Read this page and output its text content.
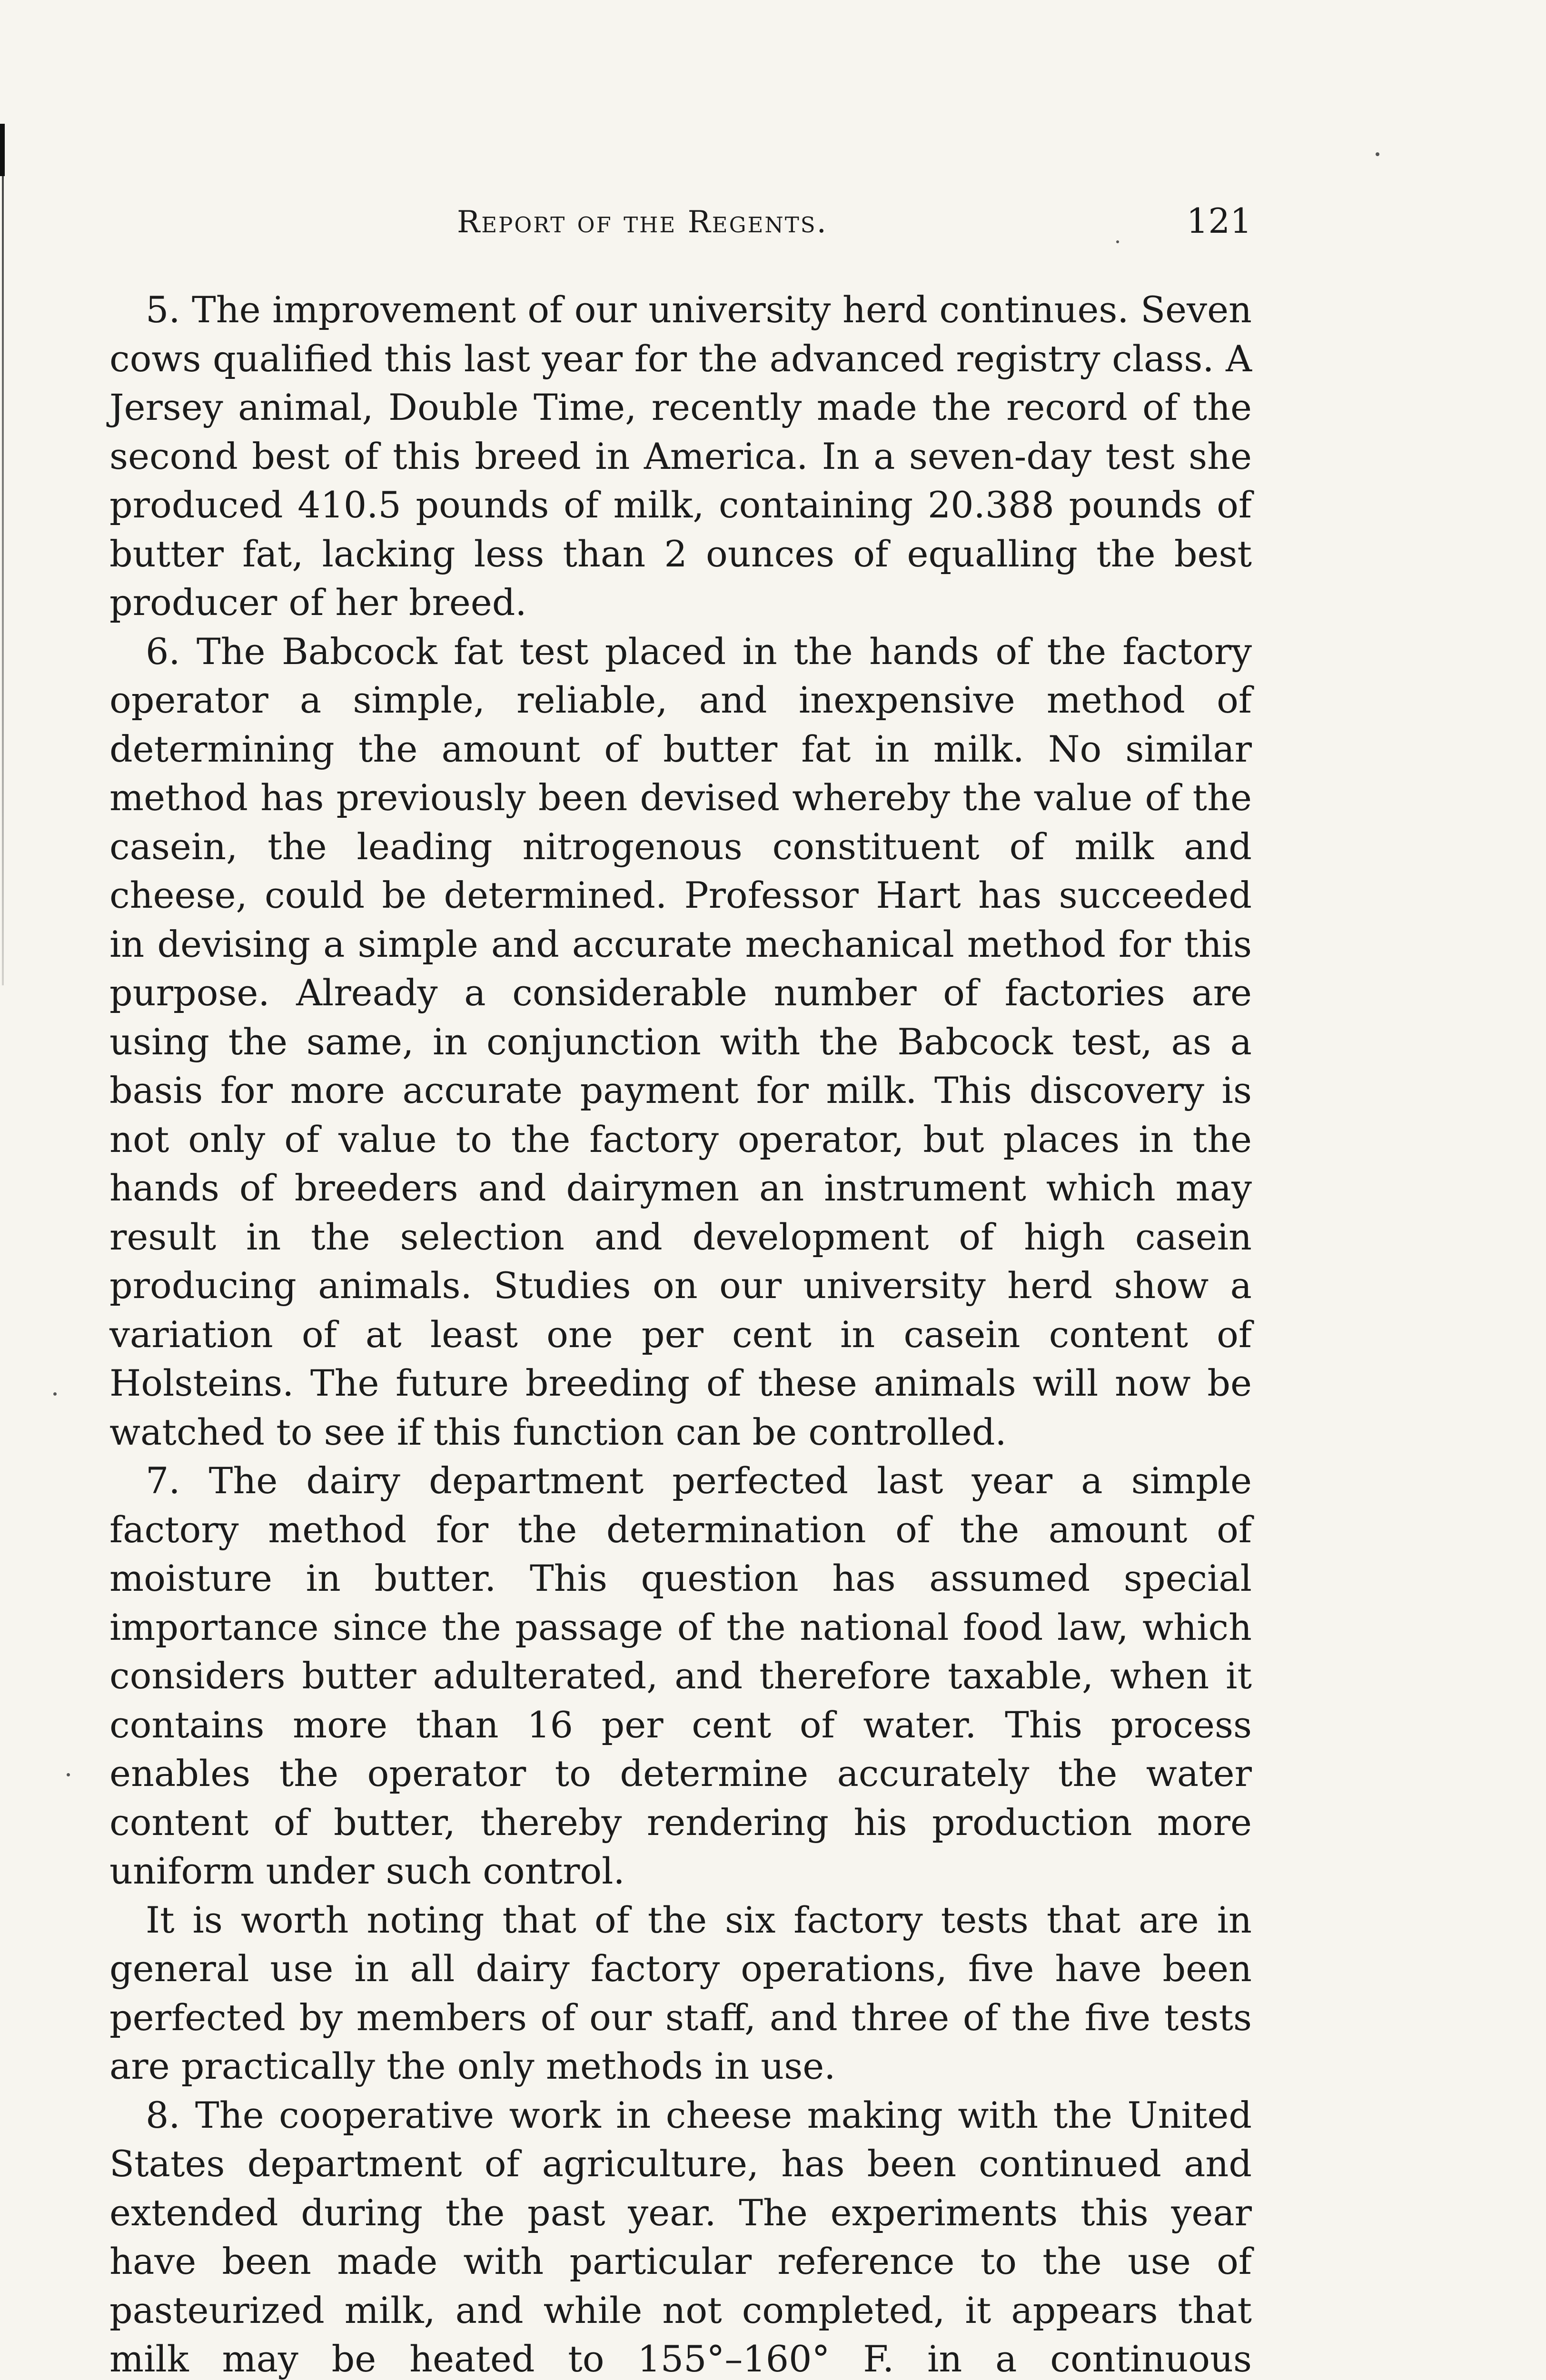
Report of the Regents.	121

5. The improvement of our university herd continues. Seven cows qualified this last year for the advanced registry class. A Jersey animal, Double Time, recently made the record of the second best of this breed in America. In a seven-day test she produced 410.5 pounds of milk, containing 20.388 pounds of butter fat, lacking less than 2 ounces of equalling the best producer of her breed.

6. The Babcock fat test placed in the hands of the factory operator a simple, reliable, and inexpensive method of determining the amount of butter fat in milk. No similar method has previously been devised whereby the value of the casein, the leading nitrogenous constituent of milk and cheese, could be determined. Professor Hart has succeeded in devising a simple and accurate mechanical method for this purpose. Already a considerable number of factories are using the same, in conjunction with the Babcock test, as a basis for more accurate payment for milk. This discovery is not only of value to the factory operator, but places in the hands of breeders and dairymen an instrument which may result in the selection and development of high casein producing animals. Studies on our university herd show a variation of at least one per cent in casein content of Holsteins. The future breeding of these animals will now be watched to see if this function can be controlled.

7. The dairy department perfected last year a simple factory method for the determination of the amount of moisture in butter. This question has assumed special importance since the passage of the national food law, which considers butter adulterated, and therefore taxable, when it contains more than 16 per cent of water. This process enables the operator to determine accurately the water content of butter, thereby rendering his production more uniform under such control.

It is worth noting that of the six factory tests that are in general use in all dairy factory operations, five have been perfected by members of our staff, and three of the five tests are practically the only methods in use.

8. The cooperative work in cheese making with the United States department of agriculture, has been continued and extended during the past year. The experiments this year have been made with particular reference to the use of pasteurized milk, and while not completed, it appears that milk may be heated to 155°–160° F. in a continuous
